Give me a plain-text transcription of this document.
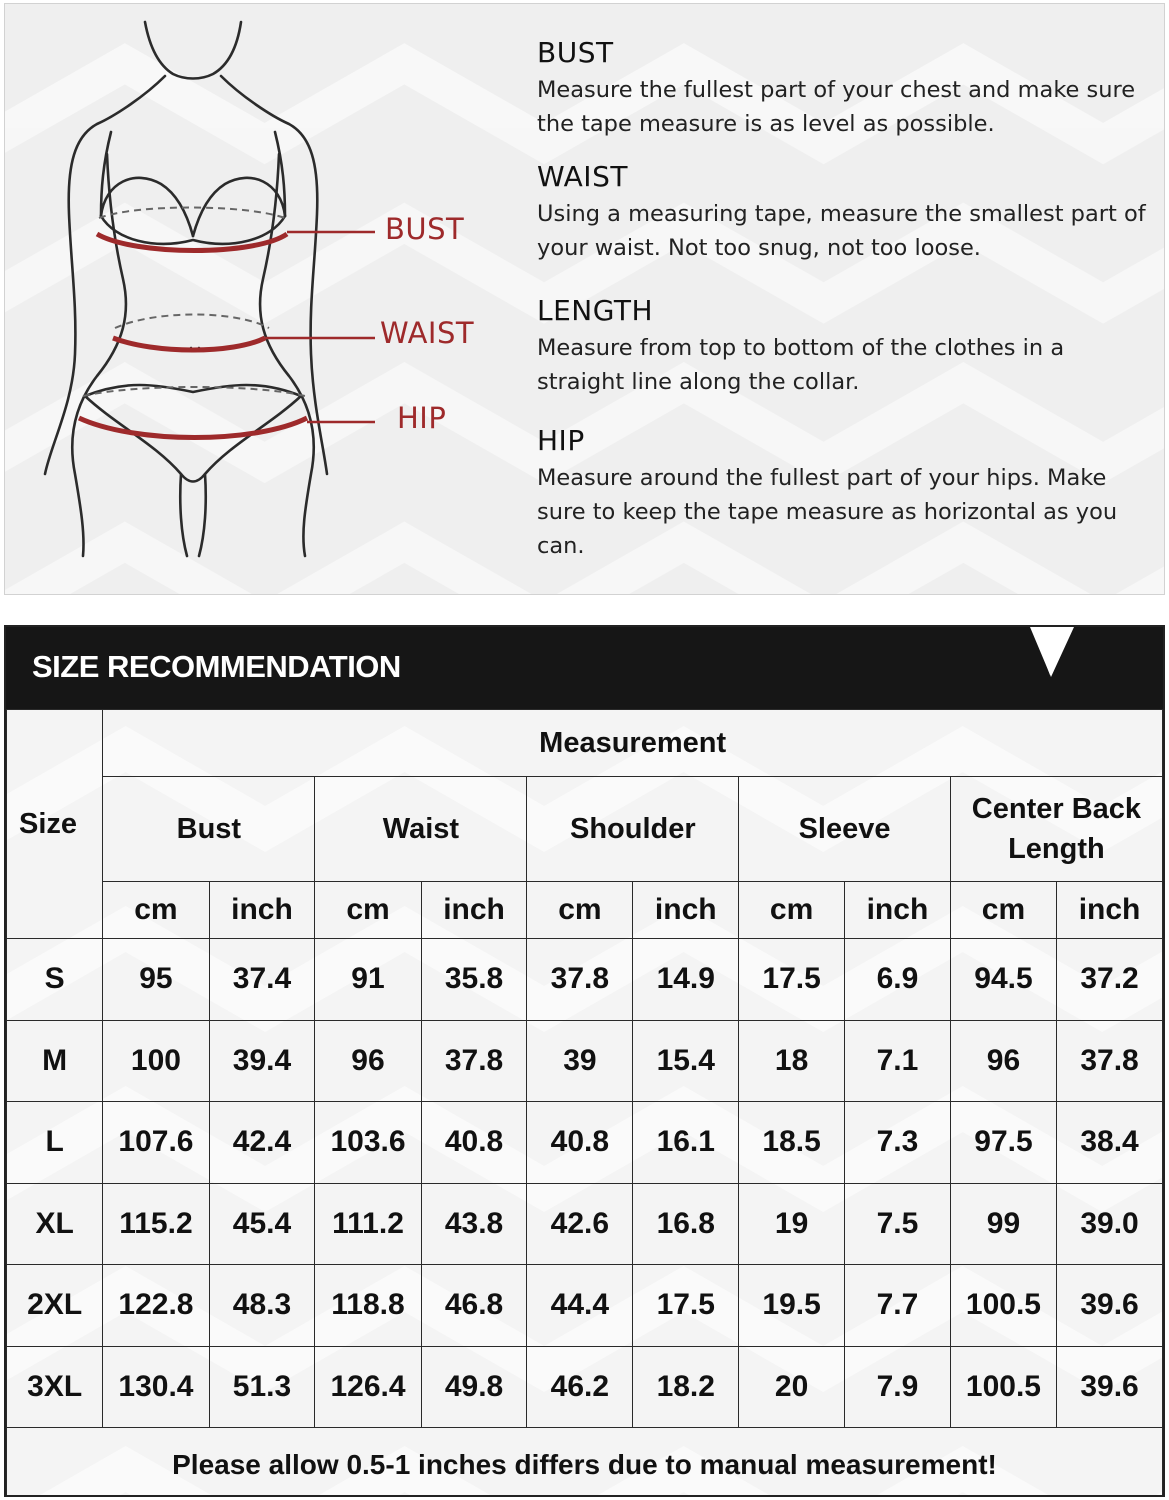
BUST
WAIST
HIP
BUST

Measure the fullest part of your chest and make sure the tape measure is as level as possible.

WAIST

Using a measuring tape, measure the smallest part of your waist. Not too snug, not too loose.

LENGTH

Measure from top to bottom of the clothes in a straight line along the collar.

HIP

Measure around the fullest part of your hips. Make sure to keep the tape measure as horizontal as you can.

SIZE RECOMMENDATION
Size	Measurement									
	Bust		Waist		Shoulder		Sleeve		Center Back Length	
	cm	inch	cm	inch	cm	inch	cm	inch	cm	inch
S	95	37.4	91	35.8	37.8	14.9	17.5	6.9	94.5	37.2
M	100	39.4	96	37.8	39	15.4	18	7.1	96	37.8
L	107.6	42.4	103.6	40.8	40.8	16.1	18.5	7.3	97.5	38.4
XL	115.2	45.4	111.2	43.8	42.6	16.8	19	7.5	99	39.0
2XL	122.8	48.3	118.8	46.8	44.4	17.5	19.5	7.7	100.5	39.6
3XL	130.4	51.3	126.4	49.8	46.2	18.2	20	7.9	100.5	39.6
Please allow 0.5-1 inches differs due to manual measurement!										
